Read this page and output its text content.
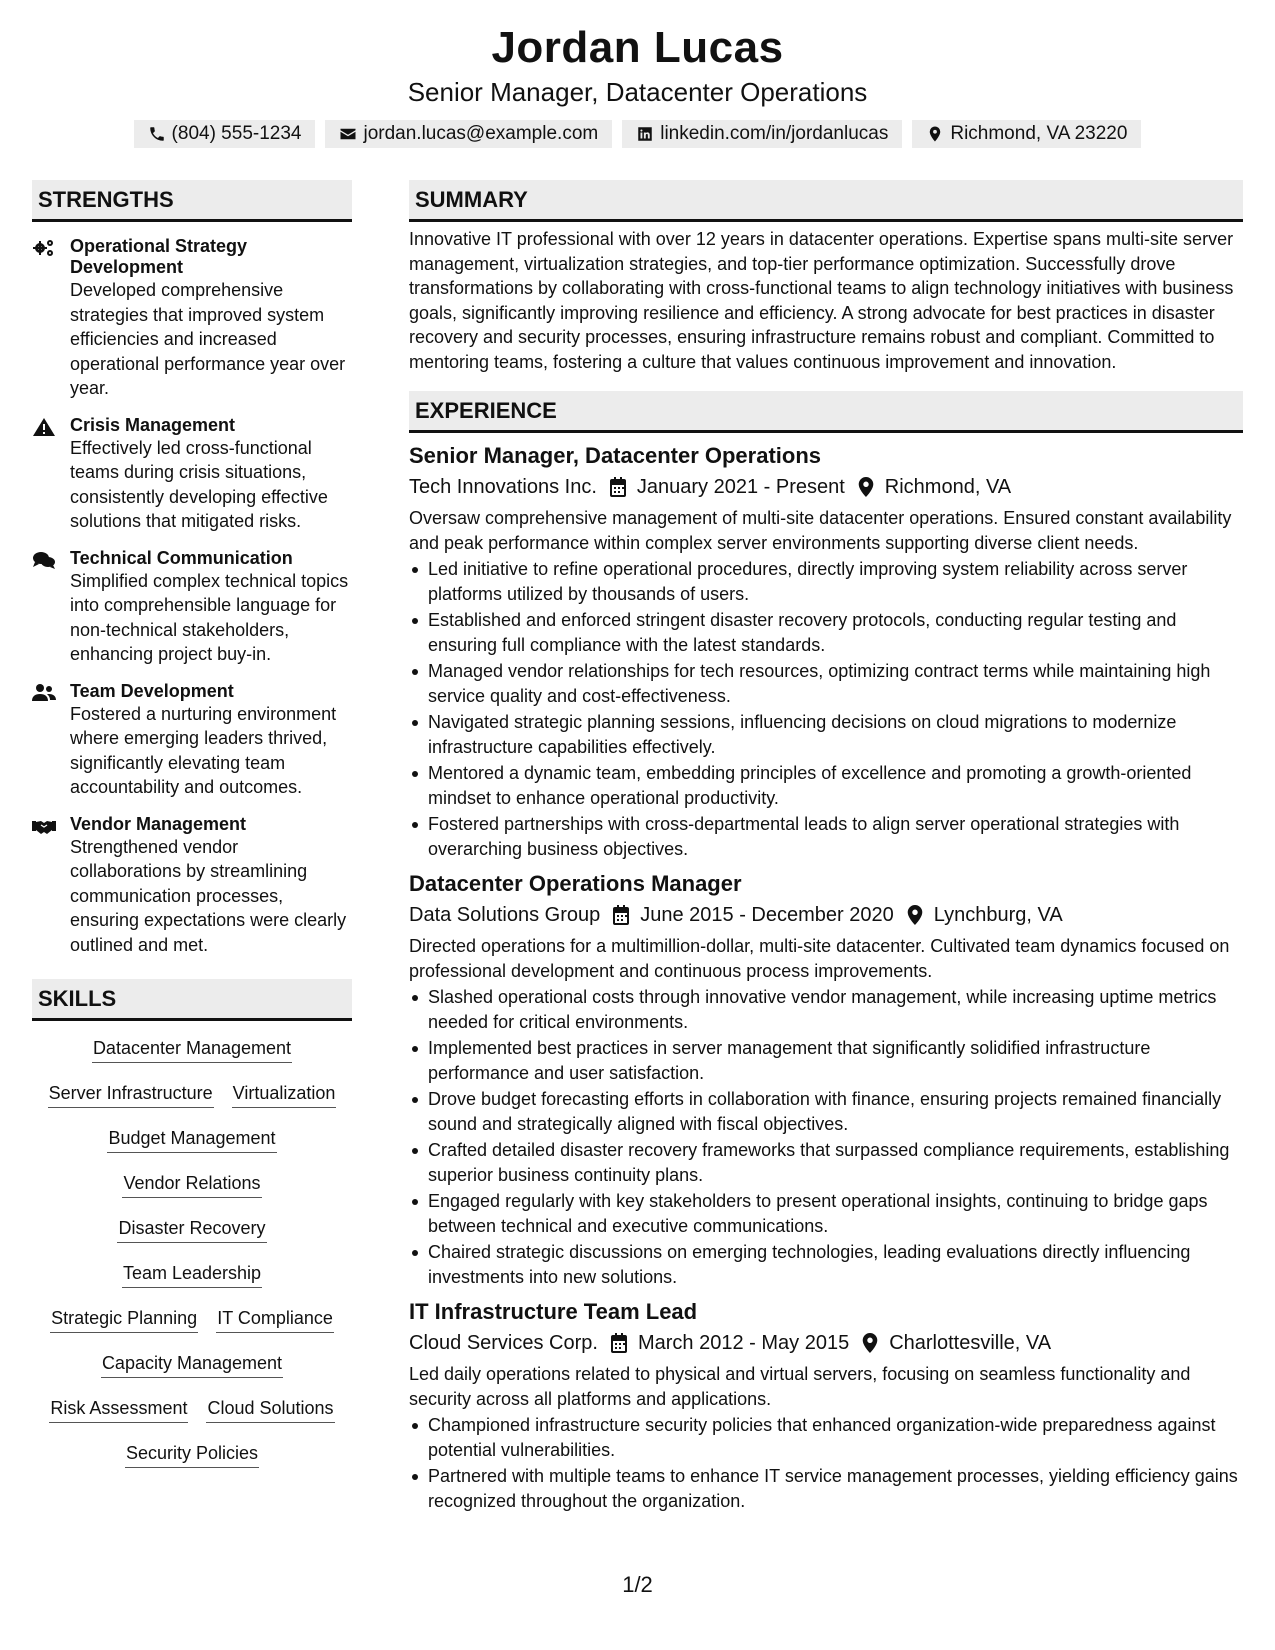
Jordan Lucas
Senior Manager, Datacenter Operations
(804) 555-1234	jordan.lucas@example.com	linkedin.com/in/jordanlucas	Richmond, VA 23220
STRENGTHS
Operational Strategy Development
Developed comprehensive strategies that improved system efficiencies and increased operational performance year over year.
Crisis Management
Effectively led cross-functional teams during crisis situations, consistently developing effective solutions that mitigated risks.
Technical Communication
Simplified complex technical topics into comprehensible language for non-technical stakeholders, enhancing project buy-in.
Team Development
Fostered a nurturing environment where emerging leaders thrived, significantly elevating team accountability and outcomes.
Vendor Management
Strengthened vendor collaborations by streamlining communication processes, ensuring expectations were clearly outlined and met.
SKILLS
Datacenter Management
Server Infrastructure Virtualization
Budget Management
Vendor Relations
Disaster Recovery
Team Leadership
Strategic Planning IT Compliance
Capacity Management
Risk Assessment Cloud Solutions
Security Policies
SUMMARY
Innovative IT professional with over 12 years in datacenter operations. Expertise spans multi-site server management, virtualization strategies, and top-tier performance optimization. Successfully drove transformations by collaborating with cross-functional teams to align technology initiatives with business goals, significantly improving resilience and efficiency. A strong advocate for best practices in disaster recovery and security processes, ensuring infrastructure remains robust and compliant. Committed to mentoring teams, fostering a culture that values continuous improvement and innovation.
EXPERIENCE
Senior Manager, Datacenter Operations
Tech Innovations Inc. January 2021 - Present Richmond, VA
Oversaw comprehensive management of multi-site datacenter operations. Ensured constant availability and peak performance within complex server environments supporting diverse client needs.
Led initiative to refine operational procedures, directly improving system reliability across server platforms utilized by thousands of users.
Established and enforced stringent disaster recovery protocols, conducting regular testing and ensuring full compliance with the latest standards.
Managed vendor relationships for tech resources, optimizing contract terms while maintaining high service quality and cost-effectiveness.
Navigated strategic planning sessions, influencing decisions on cloud migrations to modernize infrastructure capabilities effectively.
Mentored a dynamic team, embedding principles of excellence and promoting a growth-oriented mindset to enhance operational productivity.
Fostered partnerships with cross-departmental leads to align server operational strategies with overarching business objectives.
Datacenter Operations Manager
Data Solutions Group June 2015 - December 2020 Lynchburg, VA
Directed operations for a multimillion-dollar, multi-site datacenter. Cultivated team dynamics focused on professional development and continuous process improvements.
Slashed operational costs through innovative vendor management, while increasing uptime metrics needed for critical environments.
Implemented best practices in server management that significantly solidified infrastructure performance and user satisfaction.
Drove budget forecasting efforts in collaboration with finance, ensuring projects remained financially sound and strategically aligned with fiscal objectives.
Crafted detailed disaster recovery frameworks that surpassed compliance requirements, establishing superior business continuity plans.
Engaged regularly with key stakeholders to present operational insights, continuing to bridge gaps between technical and executive communications.
Chaired strategic discussions on emerging technologies, leading evaluations directly influencing investments into new solutions.
IT Infrastructure Team Lead
Cloud Services Corp. March 2012 - May 2015 Charlottesville, VA
Led daily operations related to physical and virtual servers, focusing on seamless functionality and security across all platforms and applications.
Championed infrastructure security policies that enhanced organization-wide preparedness against potential vulnerabilities.
Partnered with multiple teams to enhance IT service management processes, yielding efficiency gains recognized throughout the organization.
1/2
